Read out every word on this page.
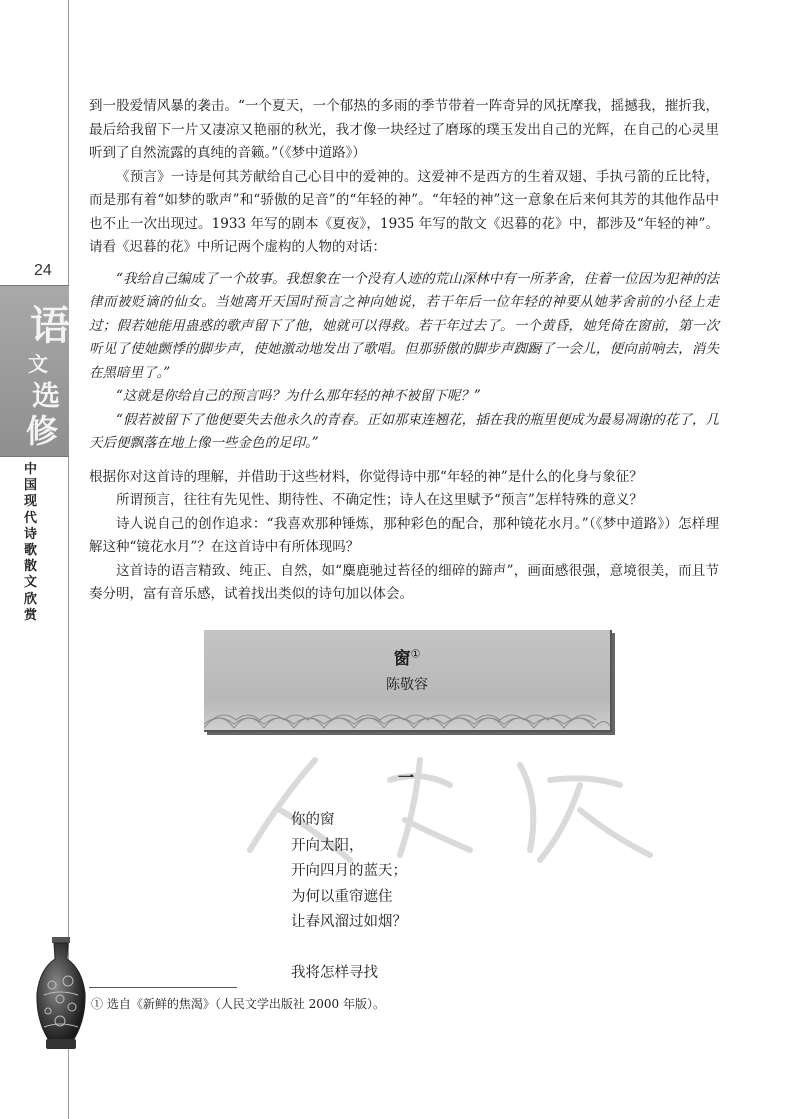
24
语
文
选
修
中国现代诗歌散文欣赏

到一股爱情风暴的袭击。“一个夏天，一个郁热的多雨的季节带着一阵奇异的风抚摩我，摇撼我，摧折我，最后给我留下一片又凄凉又艳丽的秋光，我才像一块经过了磨琢的璞玉发出自己的光辉，在自己的心灵里听到了自然流露的真纯的音籁。”（《梦中道路》）

《预言》一诗是何其芳献给自己心目中的爱神的。这爱神不是西方的生着双翅、手执弓箭的丘比特，而是那有着“如梦的歌声”和“骄傲的足音”的“年轻的神”。“年轻的神”这一意象在后来何其芳的其他作品中也不止一次出现过。1933 年写的剧本《夏夜》，1935 年写的散文《迟暮的花》中，都涉及“年轻的神”。请看《迟暮的花》中所记两个虚构的人物的对话：

“我给自己编成了一个故事。我想象在一个没有人迹的荒山深林中有一所茅舍，住着一位因为犯神的法律而被贬谪的仙女。当她离开天国时预言之神向她说，若干年后一位年轻的神要从她茅舍前的小径上走过；假若她能用蛊惑的歌声留下了他，她就可以得救。若干年过去了。一个黄昏，她凭倚在窗前，第一次听见了使她颤悸的脚步声，使她激动地发出了歌唱。但那骄傲的脚步声踟蹰了一会儿，便向前响去，消失在黑暗里了。”

“这就是你给自己的预言吗？为什么那年轻的神不被留下呢？”

“假若被留下了他便要失去他永久的青春。正如那束连翘花，插在我的瓶里便成为最易凋谢的花了，几天后便飘落在地上像一些金色的足印。”

根据你对这首诗的理解，并借助于这些材料，你觉得诗中那“年轻的神”是什么的化身与象征？

所谓预言，往往有先见性、期待性、不确定性；诗人在这里赋予“预言”怎样特殊的意义？

诗人说自己的创作追求：“我喜欢那种锤炼，那种彩色的配合，那种镜花水月。”（《梦中道路》）怎样理解这种“镜花水月”？在这首诗中有所体现吗？

这首诗的语言精致、纯正、自然，如“麋鹿驰过苔径的细碎的蹄声”，画面感很强，意境很美，而且节奏分明，富有音乐感，试着找出类似的诗句加以体会。

窗①
陈敬容
一

你的窗

开向太阳，

开向四月的蓝天；

为何以重帘遮住

让春风溜过如烟？

我将怎样寻找

① 选自《新鲜的焦渴》（人民文学出版社 2000 年版）。
